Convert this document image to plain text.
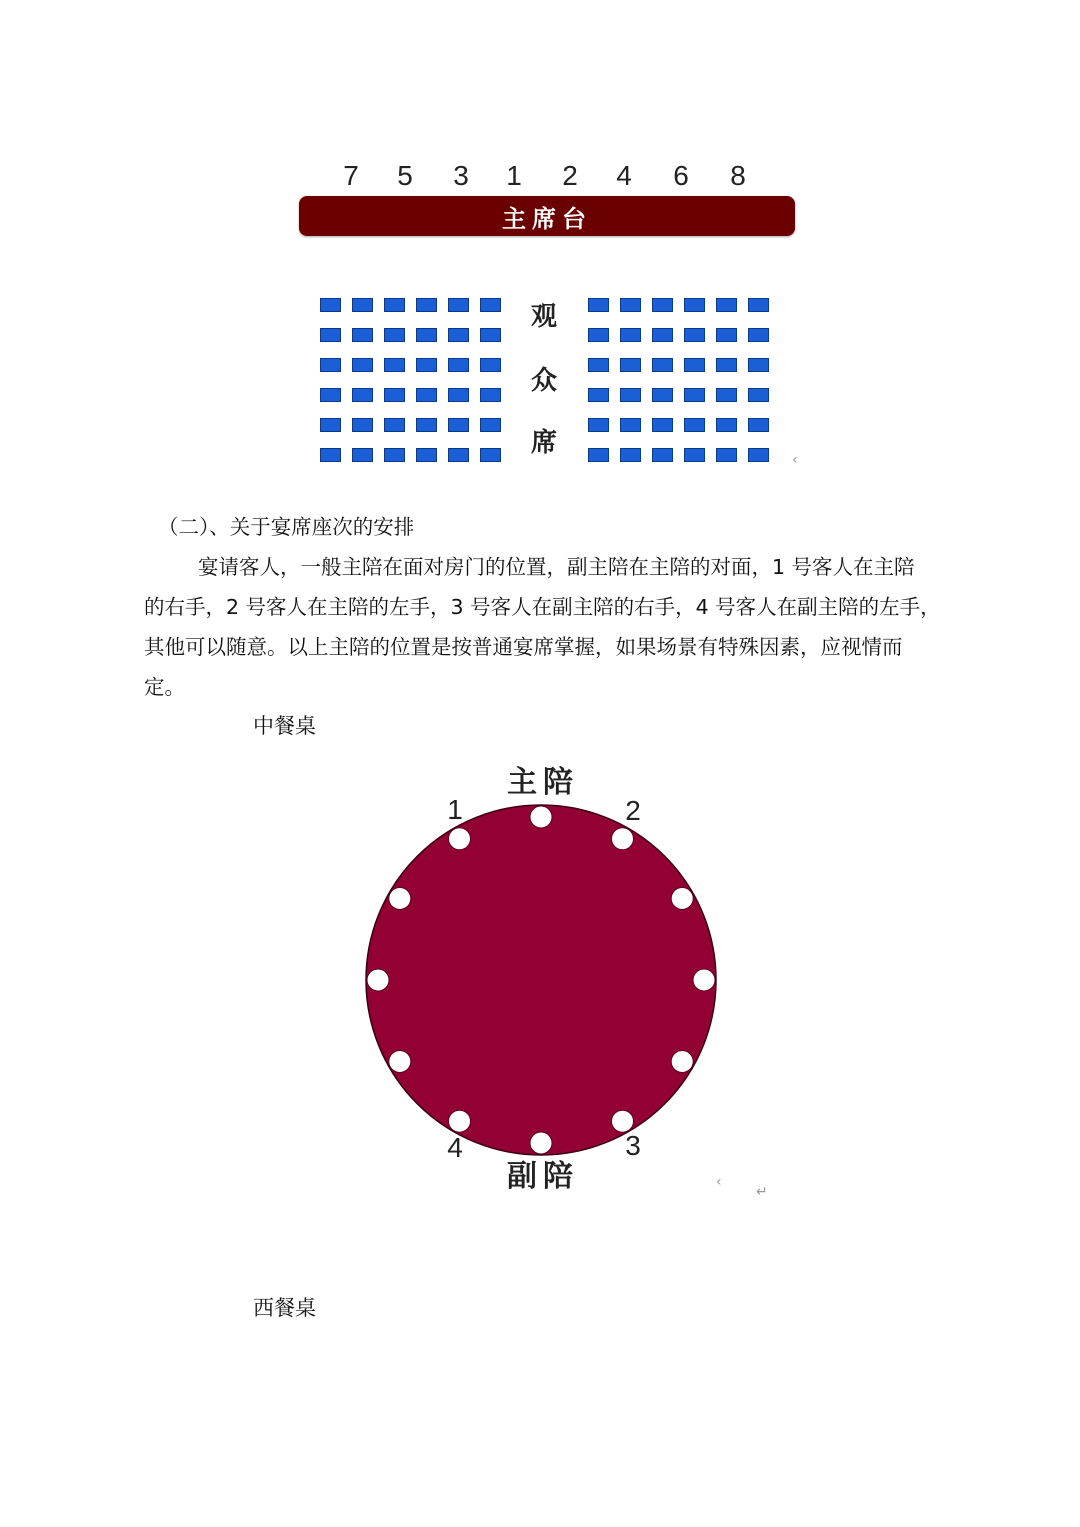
7 5 3 1 2 4 6 8
主席台
观
众
席
‹
（二）、关于宴席座次的安排
宴请客人，一般主陪在面对房门的位置，副主陪在主陪的对面，1 号客人在主陪
的右手，2 号客人在主陪的左手，3 号客人在副主陪的右手，4 号客人在副主陪的左手，
其他可以随意。以上主陪的位置是按普通宴席掌握，如果场景有特殊因素，应视情而
定。
中餐桌
主陪
副陪
1	2
3
4
‹
↵
西餐桌
